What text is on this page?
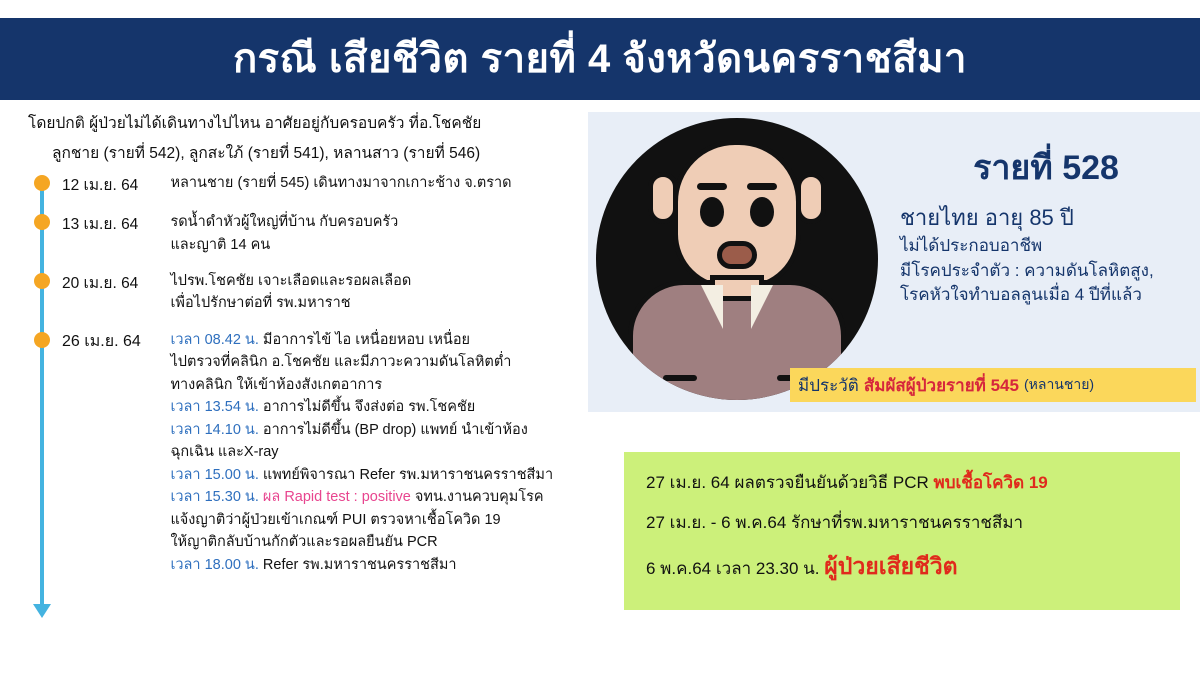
กรณี เสียชีวิต รายที่ 4 จังหวัดนครราชสีมา
โดยปกติ ผู้ป่วยไม่ได้เดินทางไปไหน อาศัยอยู่กับครอบครัว ที่อ.โชคชัย
ลูกชาย (รายที่ 542), ลูกสะใภ้ (รายที่ 541), หลานสาว (รายที่ 546)
12 เม.ย. 64 หลานชาย (รายที่ 545) เดินทางมาจากเกาะช้าง จ.ตราด
13 เม.ย. 64 รดน้ำดำหัวผู้ใหญ่ที่บ้าน กับครอบครัว
และญาติ 14 คน
20 เม.ย. 64 ไปรพ.โชคชัย เจาะเลือดและรอผลเลือด
เพื่อไปรักษาต่อที่ รพ.มหาราช
26 เม.ย. 64 เวลา 08.42 น. มีอาการไข้ ไอ เหนื่อยหอบ เหนื่อย
ไปตรวจที่คลินิก อ.โชคชัย และมีภาวะความดันโลหิตต่ำ
ทางคลินิก ให้เข้าห้องสังเกตอาการ
เวลา 13.54 น. อาการไม่ดีขึ้น จึงส่งต่อ รพ.โชคชัย
เวลา 14.10 น. อาการไม่ดีขึ้น (BP drop) แพทย์ นำเข้าห้อง
ฉุกเฉิน และX-ray
เวลา 15.00 น. แพทย์พิจารณา Refer รพ.มหาราชนครราชสีมา
เวลา 15.30 น. ผล Rapid test : positive จทน.งานควบคุมโรค
แจ้งญาติว่าผู้ป่วยเข้าเกณฑ์ PUI ตรวจหาเชื้อโควิด 19
ให้ญาติกลับบ้านกักตัวและรอผลยืนยัน PCR
เวลา 18.00 น. Refer รพ.มหาราชนครราชสีมา
รายที่ 528
ชายไทย อายุ 85 ปี
ไม่ได้ประกอบอาชีพ
มีโรคประจำตัว : ความดันโลหิตสูง,
โรคหัวใจทำบอลลูนเมื่อ 4 ปีที่แล้ว
มีประวัติ สัมผัสผู้ป่วยรายที่ 545 (หลานชาย)
27 เม.ย. 64 ผลตรวจยืนยันด้วยวิธี PCR พบเชื้อโควิด 19
27 เม.ย. - 6 พ.ค.64 รักษาที่รพ.มหาราชนครราชสีมา
6 พ.ค.64 เวลา 23.30 น. ผู้ป่วยเสียชีวิต
